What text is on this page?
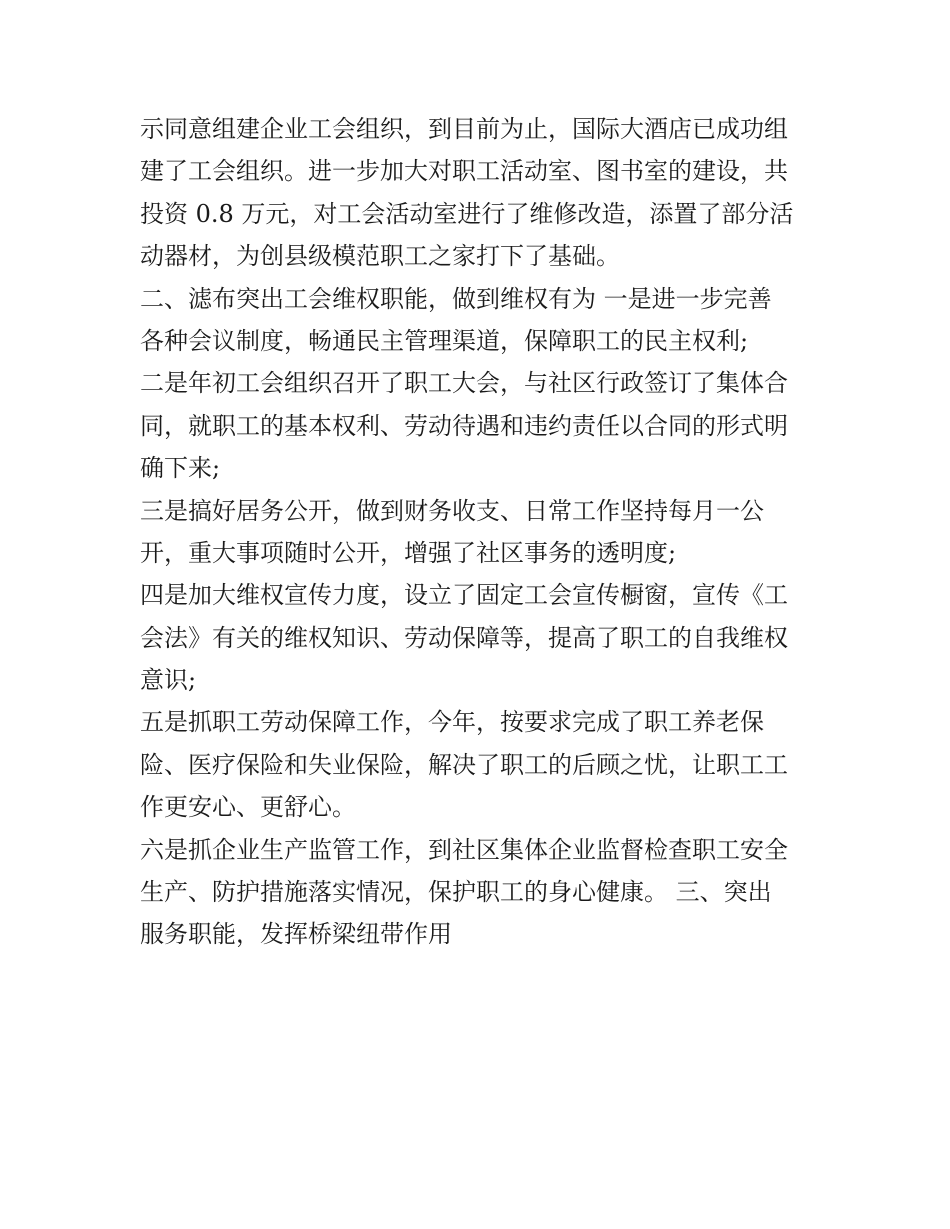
示同意组建企业工会组织，到目前为止，国际大酒店已成功组
建了工会组织。进一步加大对职工活动室、图书室的建设，共
投资 0.8 万元，对工会活动室进行了维修改造，添置了部分活
动器材，为创县级模范职工之家打下了基础。
二、滤布突出工会维权职能，做到维权有为 一是进一步完善
各种会议制度，畅通民主管理渠道，保障职工的民主权利;
二是年初工会组织召开了职工大会，与社区行政签订了集体合
同，就职工的基本权利、劳动待遇和违约责任以合同的形式明
确下来;
三是搞好居务公开，做到财务收支、日常工作坚持每月一公
开，重大事项随时公开，增强了社区事务的透明度;
四是加大维权宣传力度，设立了固定工会宣传橱窗，宣传《工
会法》有关的维权知识、劳动保障等，提高了职工的自我维权
意识;
五是抓职工劳动保障工作，今年，按要求完成了职工养老保
险、医疗保险和失业保险，解决了职工的后顾之忧，让职工工
作更安心、更舒心。
六是抓企业生产监管工作，到社区集体企业监督检查职工安全
生产、防护措施落实情况，保护职工的身心健康。 三、突出
服务职能，发挥桥梁纽带作用
